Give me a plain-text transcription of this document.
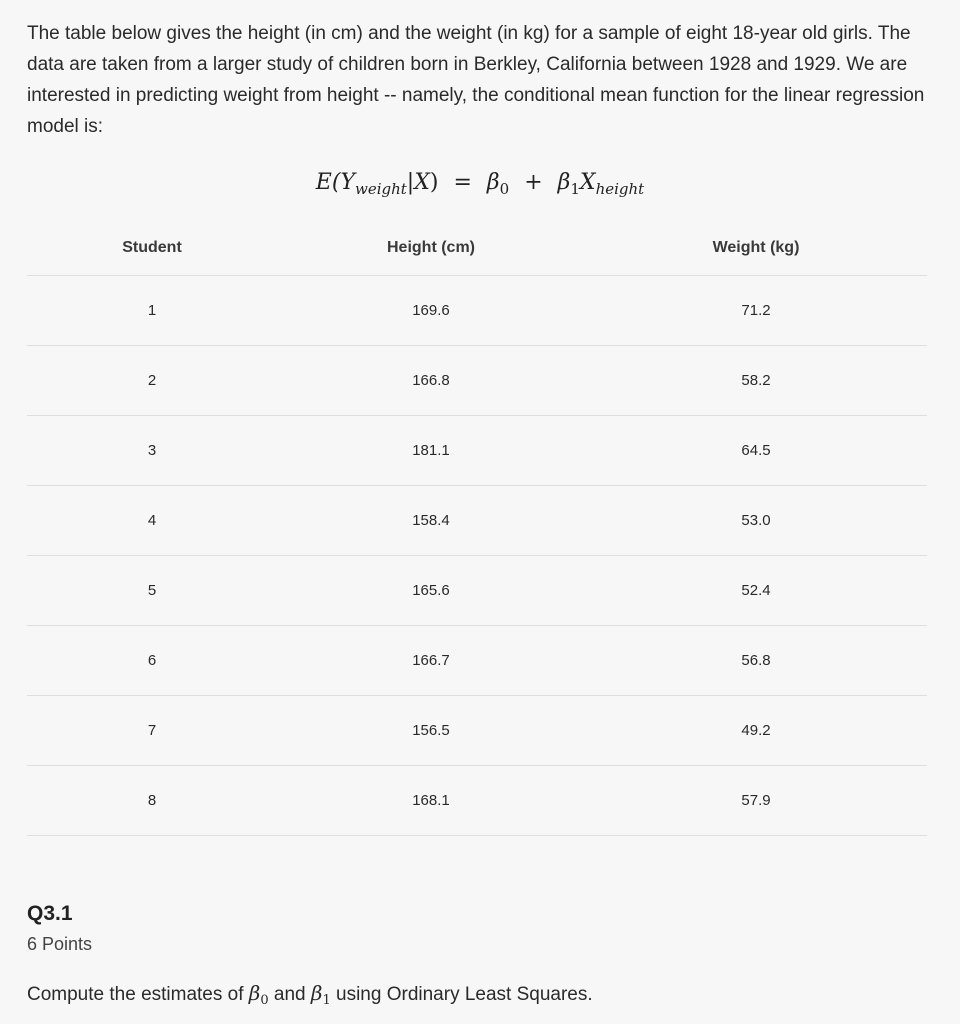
The table below gives the height (in cm) and the weight (in kg) for a sample of eight 18-year old girls. The data are taken from a larger study of children born in Berkley, California between 1928 and 1929. We are interested in predicting weight from height -- namely, the conditional mean function for the linear regression model is:

$E(Y_{weight}|X) = \beta_0 + \beta_1X_{height}$
Student	Height (cm)	Weight (kg)
1	169.6	71.2
2	166.8	58.2
3	181.1	64.5
4	158.4	53.0
5	165.6	52.4
6	166.7	56.8
7	156.5	49.2
8	168.1	57.9
Q3.1
6 Points
Compute the estimates of $\beta_0$ and $\beta_1$ using Ordinary Least Squares.
